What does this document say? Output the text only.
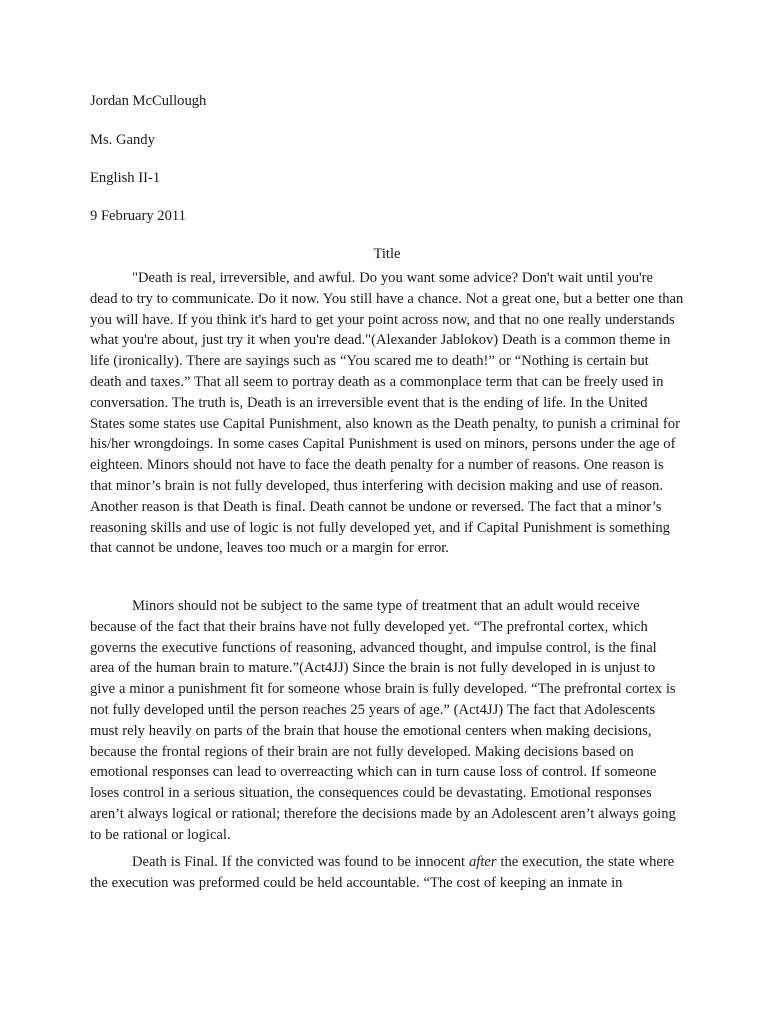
Jordan McCullough
Ms. Gandy
English II-1
9 February 2011
Title

"Death is real, irreversible, and awful. Do you want some advice? Don't wait until you're dead to try to communicate. Do it now. You still have a chance. Not a great one, but a better one than you will have. If you think it's hard to get your point across now, and that no one really understands what you're about, just try it when you're dead."(Alexander Jablokov) Death is a common theme in life (ironically). There are sayings such as “You scared me to death!” or “Nothing is certain but death and taxes.” That all seem to portray death as a commonplace term that can be freely used in conversation. The truth is, Death is an irreversible event that is the ending of life. In the United States some states use Capital Punishment, also known as the Death penalty, to punish a criminal for his/her wrongdoings. In some cases Capital Punishment is used on minors, persons under the age of eighteen. Minors should not have to face the death penalty for a number of reasons. One reason is that minor’s brain is not fully developed, thus interfering with decision making and use of reason. Another reason is that Death is final. Death cannot be undone or reversed. The fact that a minor’s reasoning skills and use of logic is not fully developed yet, and if Capital Punishment is something that cannot be undone, leaves too much or a margin for error.

Minors should not be subject to the same type of treatment that an adult would receive because of the fact that their brains have not fully developed yet. “The prefrontal cortex, which governs the executive functions of reasoning, advanced thought, and impulse control, is the final area of the human brain to mature.”(Act4JJ) Since the brain is not fully developed in is unjust to give a minor a punishment fit for someone whose brain is fully developed. “The prefrontal cortex is not fully developed until the person reaches 25 years of age.” (Act4JJ) The fact that Adolescents must rely heavily on parts of the brain that house the emotional centers when making decisions, because the frontal regions of their brain are not fully developed. Making decisions based on emotional responses can lead to overreacting which can in turn cause loss of control. If someone loses control in a serious situation, the consequences could be devastating. Emotional responses aren’t always logical or rational; therefore the decisions made by an Adolescent aren’t always going to be rational or logical.

Death is Final. If the convicted was found to be innocent after the execution, the state where the execution was preformed could be held accountable. “The cost of keeping an inmate in
